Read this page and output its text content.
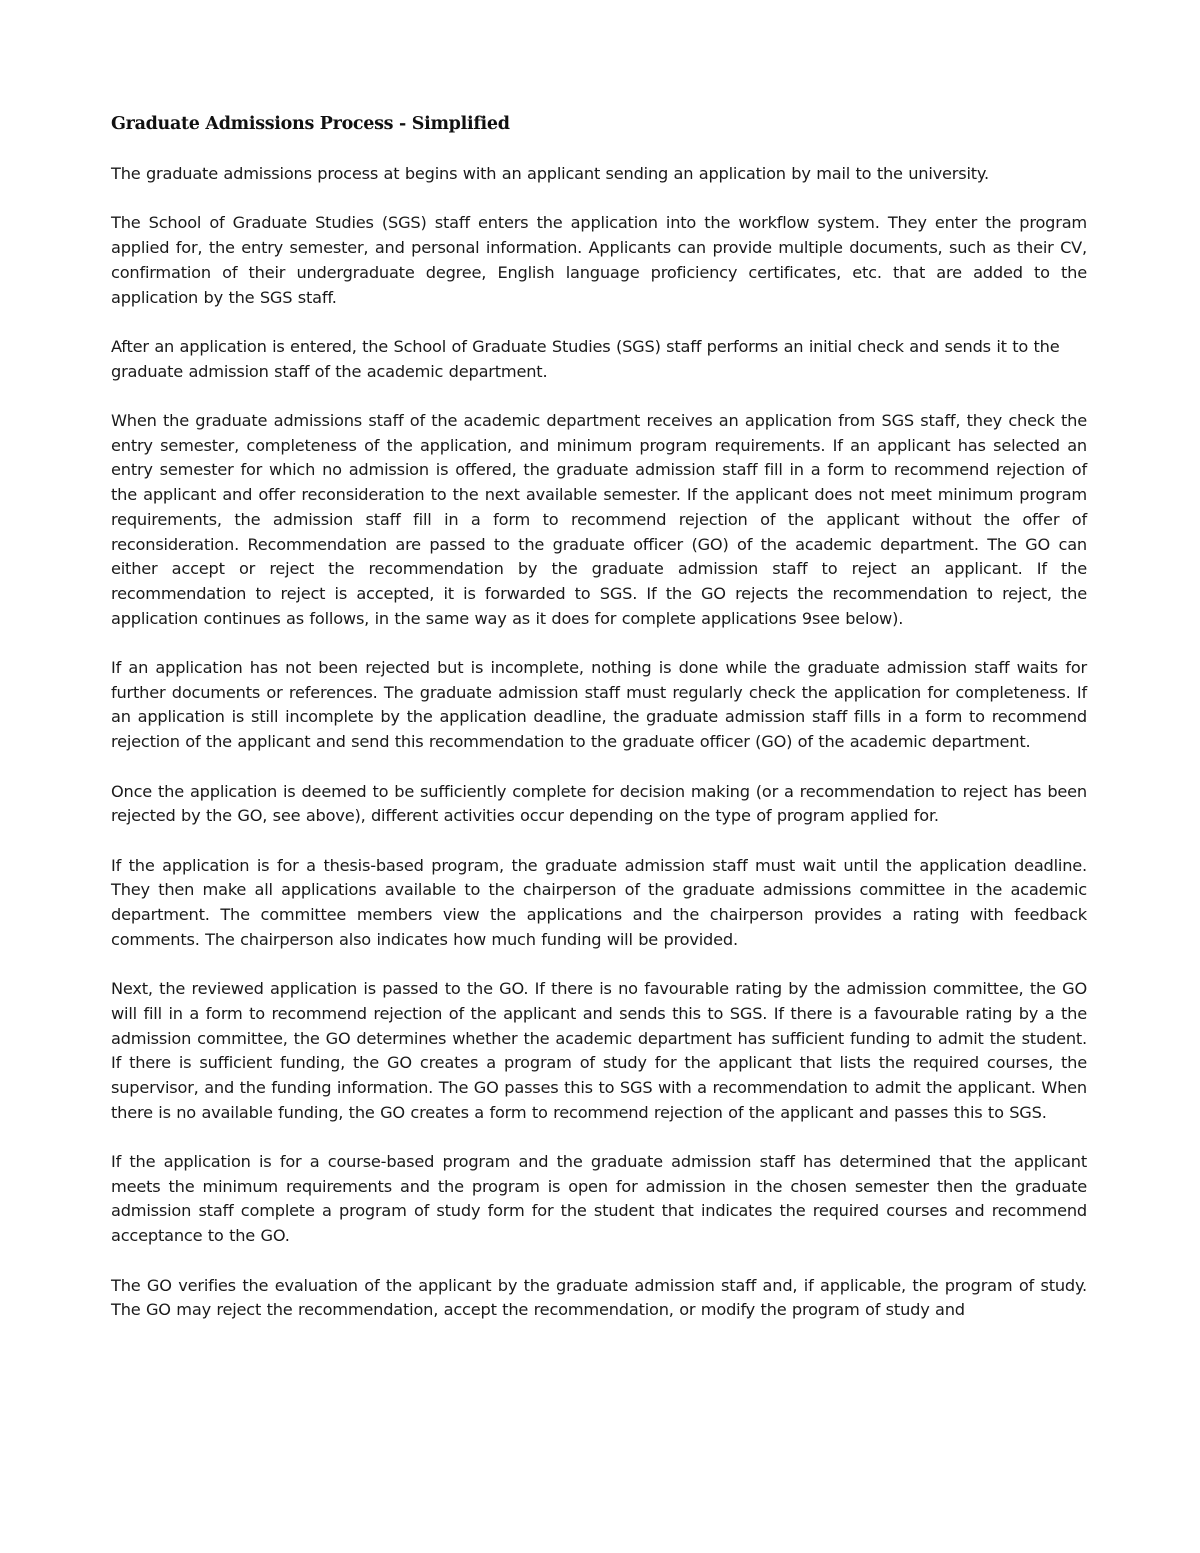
Graduate Admissions Process - Simplified

The graduate admissions process at begins with an applicant sending an application by mail to the university.

The School of Graduate Studies (SGS) staff enters the application into the workflow system. They enter the program applied for, the entry semester, and personal information. Applicants can provide multiple documents, such as their CV, confirmation of their undergraduate degree, English language proficiency certificates, etc. that are added to the application by the SGS staff.

After an application is entered, the School of Graduate Studies (SGS) staff performs an initial check and sends it to the graduate admission staff of the academic department.

When the graduate admissions staff of the academic department receives an application from SGS staff, they check the entry semester, completeness of the application, and minimum program requirements. If an applicant has selected an entry semester for which no admission is offered, the graduate admission staff fill in a form to recommend rejection of the applicant and offer reconsideration to the next available semester. If the applicant does not meet minimum program requirements, the admission staff fill in a form to recommend rejection of the applicant without the offer of reconsideration. Recommendation are passed to the graduate officer (GO) of the academic department. The GO can either accept or reject the recommendation by the graduate admission staff to reject an applicant. If the recommendation to reject is accepted, it is forwarded to SGS. If the GO rejects the recommendation to reject, the application continues as follows, in the same way as it does for complete applications 9see below).

If an application has not been rejected but is incomplete, nothing is done while the graduate admission staff waits for further documents or references. The graduate admission staff must regularly check the application for completeness. If an application is still incomplete by the application deadline, the graduate admission staff fills in a form to recommend rejection of the applicant and send this recommendation to the graduate officer (GO) of the academic department.

Once the application is deemed to be sufficiently complete for decision making (or a recommendation to reject has been rejected by the GO, see above), different activities occur depending on the type of program applied for.

If the application is for a thesis-based program, the graduate admission staff must wait until the application deadline. They then make all applications available to the chairperson of the graduate admissions committee in the academic department. The committee members view the applications and the chairperson provides a rating with feedback comments. The chairperson also indicates how much funding will be provided.

Next, the reviewed application is passed to the GO. If there is no favourable rating by the admission committee, the GO will fill in a form to recommend rejection of the applicant and sends this to SGS. If there is a favourable rating by a the admission committee, the GO determines whether the academic department has sufficient funding to admit the student. If there is sufficient funding, the GO creates a program of study for the applicant that lists the required courses, the supervisor, and the funding information. The GO passes this to SGS with a recommendation to admit the applicant. When there is no available funding, the GO creates a form to recommend rejection of the applicant and passes this to SGS.

If the application is for a course-based program and the graduate admission staff has determined that the applicant meets the minimum requirements and the program is open for admission in the chosen semester then the graduate admission staff complete a program of study form for the student that indicates the required courses and recommend acceptance to the GO.

The GO verifies the evaluation of the applicant by the graduate admission staff and, if applicable, the program of study. The GO may reject the recommendation, accept the recommendation, or modify the program of study and
